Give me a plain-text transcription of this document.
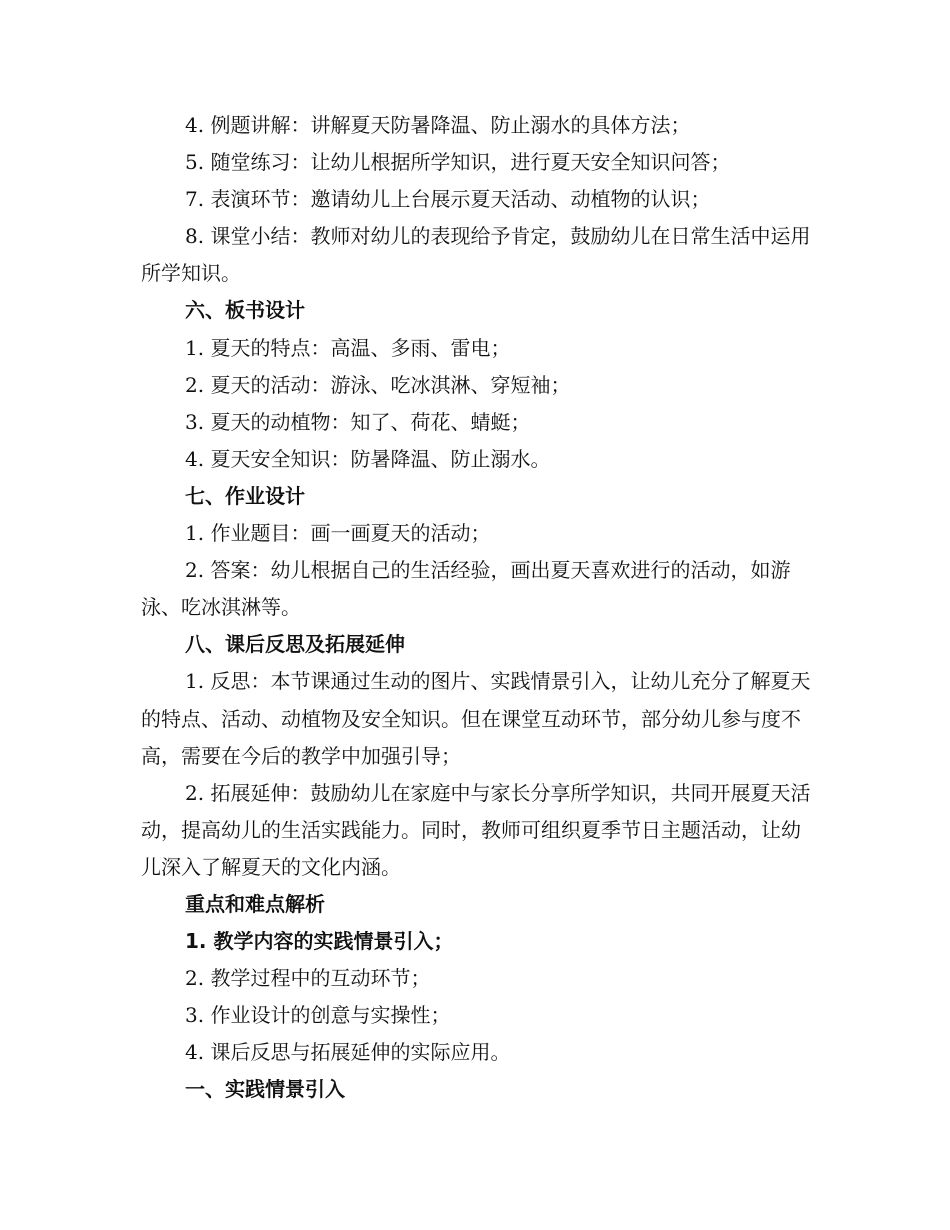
4. 例题讲解：讲解夏天防暑降温、防止溺水的具体方法；

5. 随堂练习：让幼儿根据所学知识，进行夏天安全知识问答；

7. 表演环节：邀请幼儿上台展示夏天活动、动植物的认识；

8. 课堂小结：教师对幼儿的表现给予肯定，鼓励幼儿在日常生活中运用所学知识。

六、板书设计

1. 夏天的特点：高温、多雨、雷电；

2. 夏天的活动：游泳、吃冰淇淋、穿短袖；

3. 夏天的动植物：知了、荷花、蜻蜓；

4. 夏天安全知识：防暑降温、防止溺水。

七、作业设计

1. 作业题目：画一画夏天的活动；

2. 答案：幼儿根据自己的生活经验，画出夏天喜欢进行的活动，如游泳、吃冰淇淋等。

八、课后反思及拓展延伸

1. 反思：本节课通过生动的图片、实践情景引入，让幼儿充分了解夏天的特点、活动、动植物及安全知识。但在课堂互动环节，部分幼儿参与度不高，需要在今后的教学中加强引导；

2. 拓展延伸：鼓励幼儿在家庭中与家长分享所学知识，共同开展夏天活动，提高幼儿的生活实践能力。同时，教师可组织夏季节日主题活动，让幼儿深入了解夏天的文化内涵。

重点和难点解析

1. 教学内容的实践情景引入；

2. 教学过程中的互动环节；

3. 作业设计的创意与实操性；

4. 课后反思与拓展延伸的实际应用。

一、实践情景引入
